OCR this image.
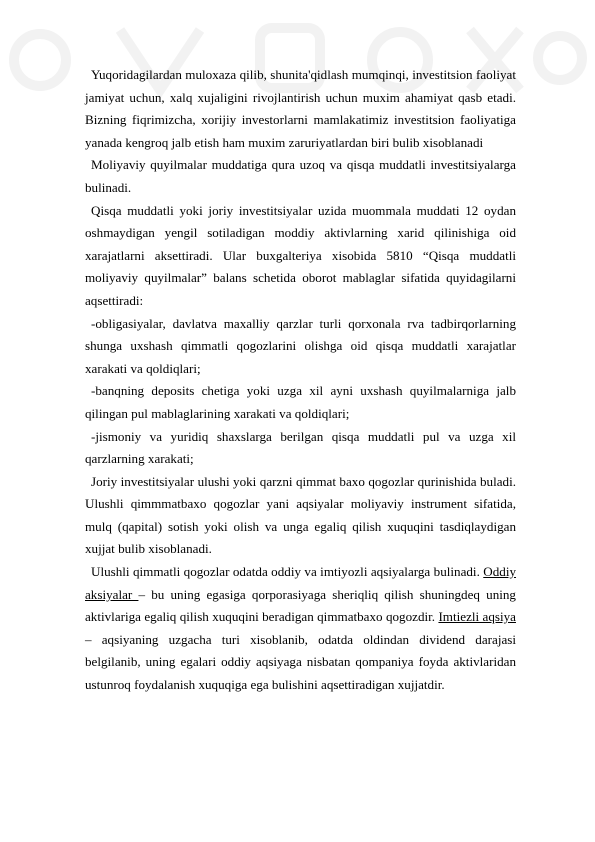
Yuqoridagilardan muloxaza qilib, shunita'qidlash mumqinqi, investitsion faoliyat jamiyat uchun, xalq xujaligini rivojlantirish uchun muxim ahamiyat qasb etadi. Bizning fiqrimizcha, xorijiy investorlarni mamlakatimiz investitsion faoliyatiga yanada kengroq jalb etish ham muxim zaruriyatlardan biri bulib xisoblanadi

Moliyaviy quyilmalar muddatiga qura uzoq va qisqa muddatli investitsiyalarga bulinadi.

Qisqa muddatli yoki joriy investitsiyalar uzida muommala muddati 12 oydan oshmaydigan yengil sotiladigan moddiy aktivlarning xarid qilinishiga oid xarajatlarni aksettiradi. Ular buxgalteriya xisobida 5810 “Qisqa muddatli moliyaviy quyilmalar” balans schetida oborot mablaglar sifatida quyidagilarni aqsettiradi:

-obligasiyalar, davlatva maxalliy qarzlar turli qorxonala rva tadbirqorlarning shunga uxshash qimmatli qogozlarini olishga oid qisqa muddatli xarajatlar xarakati va qoldiqlari;

-banqning deposits chetiga yoki uzga xil ayni uxshash quyilmalarniga jalb qilingan pul mablaglarining xarakati va qoldiqlari;

-jismoniy va yuridiq shaxslarga berilgan qisqa muddatli pul va uzga xil qarzlarning xarakati;

Joriy investitsiyalar ulushi yoki qarzni qimmat baxo qogozlar qurinishida buladi. Ulushli qimmmatbaxo qogozlar yani aqsiyalar moliyaviy instrument sifatida, mulq (qapital) sotish yoki olish va unga egaliq qilish xuquqini tasdiqlaydigan xujjat bulib xisoblanadi.

Ulushli qimmatli qogozlar odatda oddiy va imtiyozli aqsiyalarga bulinadi. Oddiy aksiyalar – bu uning egasiga qorporasiyaga sheriqliq qilish shuningdeq uning aktivlariga egaliq qilish xuquqini beradigan qimmatbaxo qogozdir. Imtiezli aqsiya – aqsiyaning uzgacha turi xisoblanib, odatda oldindan dividend darajasi belgilanib, uning egalari oddiy aqsiyaga nisbatan qompaniya foyda aktivlaridan ustunroq foydalanish xuquqiga ega bulishini aqsettiradigan xujjatdir.
